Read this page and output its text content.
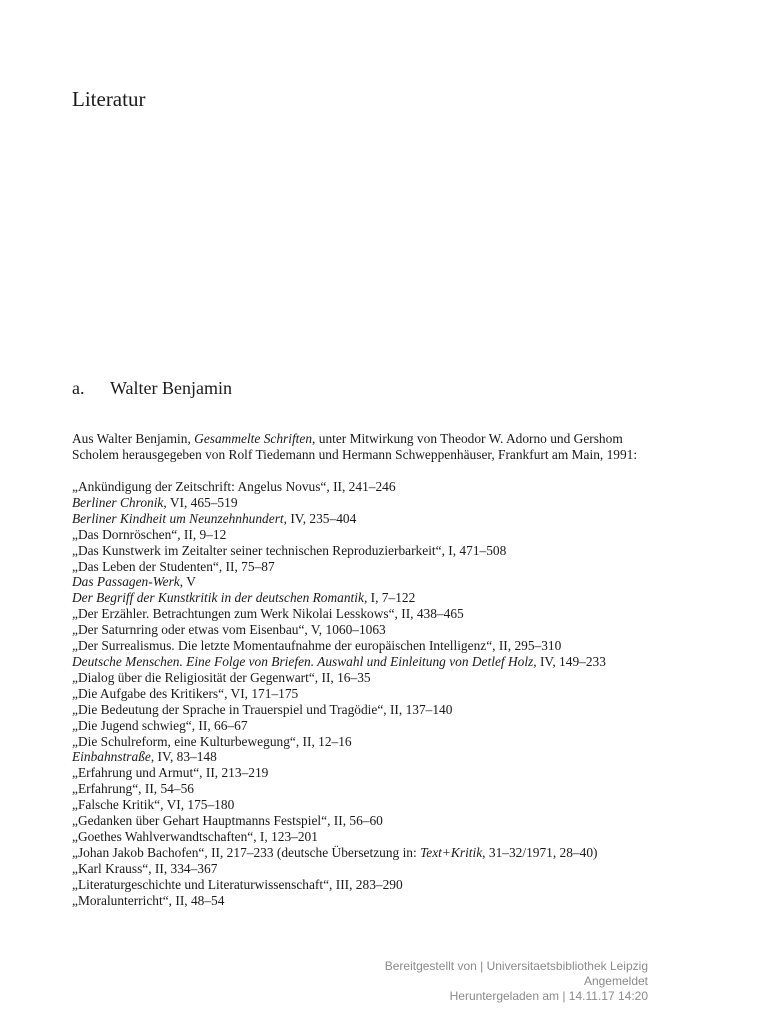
Literatur
a. Walter Benjamin

Aus Walter Benjamin, Gesammelte Schriften, unter Mitwirkung von Theodor W. Adorno und Gershom Scholem herausgegeben von Rolf Tiedemann und Hermann Schweppenhäuser, Frankfurt am Main, 1991:

„Ankündigung der Zeitschrift: Angelus Novus“, II, 241–246
Berliner Chronik, VI, 465–519
Berliner Kindheit um Neunzehnhundert, IV, 235–404
„Das Dornröschen“, II, 9–12
„Das Kunstwerk im Zeitalter seiner technischen Reproduzierbarkeit“, I, 471–508
„Das Leben der Studenten“, II, 75–87
Das Passagen-Werk, V
Der Begriff der Kunstkritik in der deutschen Romantik, I, 7–122
„Der Erzähler. Betrachtungen zum Werk Nikolai Lesskows“, II, 438–465
„Der Saturnring oder etwas vom Eisenbau“, V, 1060–1063
„Der Surrealismus. Die letzte Momentaufnahme der europäischen Intelligenz“, II, 295–310
Deutsche Menschen. Eine Folge von Briefen. Auswahl und Einleitung von Detlef Holz, IV, 149–233
„Dialog über die Religiosität der Gegenwart“, II, 16–35
„Die Aufgabe des Kritikers“, VI, 171–175
„Die Bedeutung der Sprache in Trauerspiel und Tragödie“, II, 137–140
„Die Jugend schwieg“, II, 66–67
„Die Schulreform, eine Kulturbewegung“, II, 12–16
Einbahnstraße, IV, 83–148
„Erfahrung und Armut“, II, 213–219
„Erfahrung“, II, 54–56
„Falsche Kritik“, VI, 175–180
„Gedanken über Gehart Hauptmanns Festspiel“, II, 56–60
„Goethes Wahlverwandtschaften“, I, 123–201
„Johan Jakob Bachofen“, II, 217–233 (deutsche Übersetzung in: Text+Kritik, 31–32/1971, 28–40)
„Karl Krauss“, II, 334–367
„Literaturgeschichte und Literaturwissenschaft“, III, 283–290
„Moralunterricht“, II, 48–54
Bereitgestellt von | Universitaetsbibliothek Leipzig
Angemeldet
Heruntergeladen am | 14.11.17 14:20
